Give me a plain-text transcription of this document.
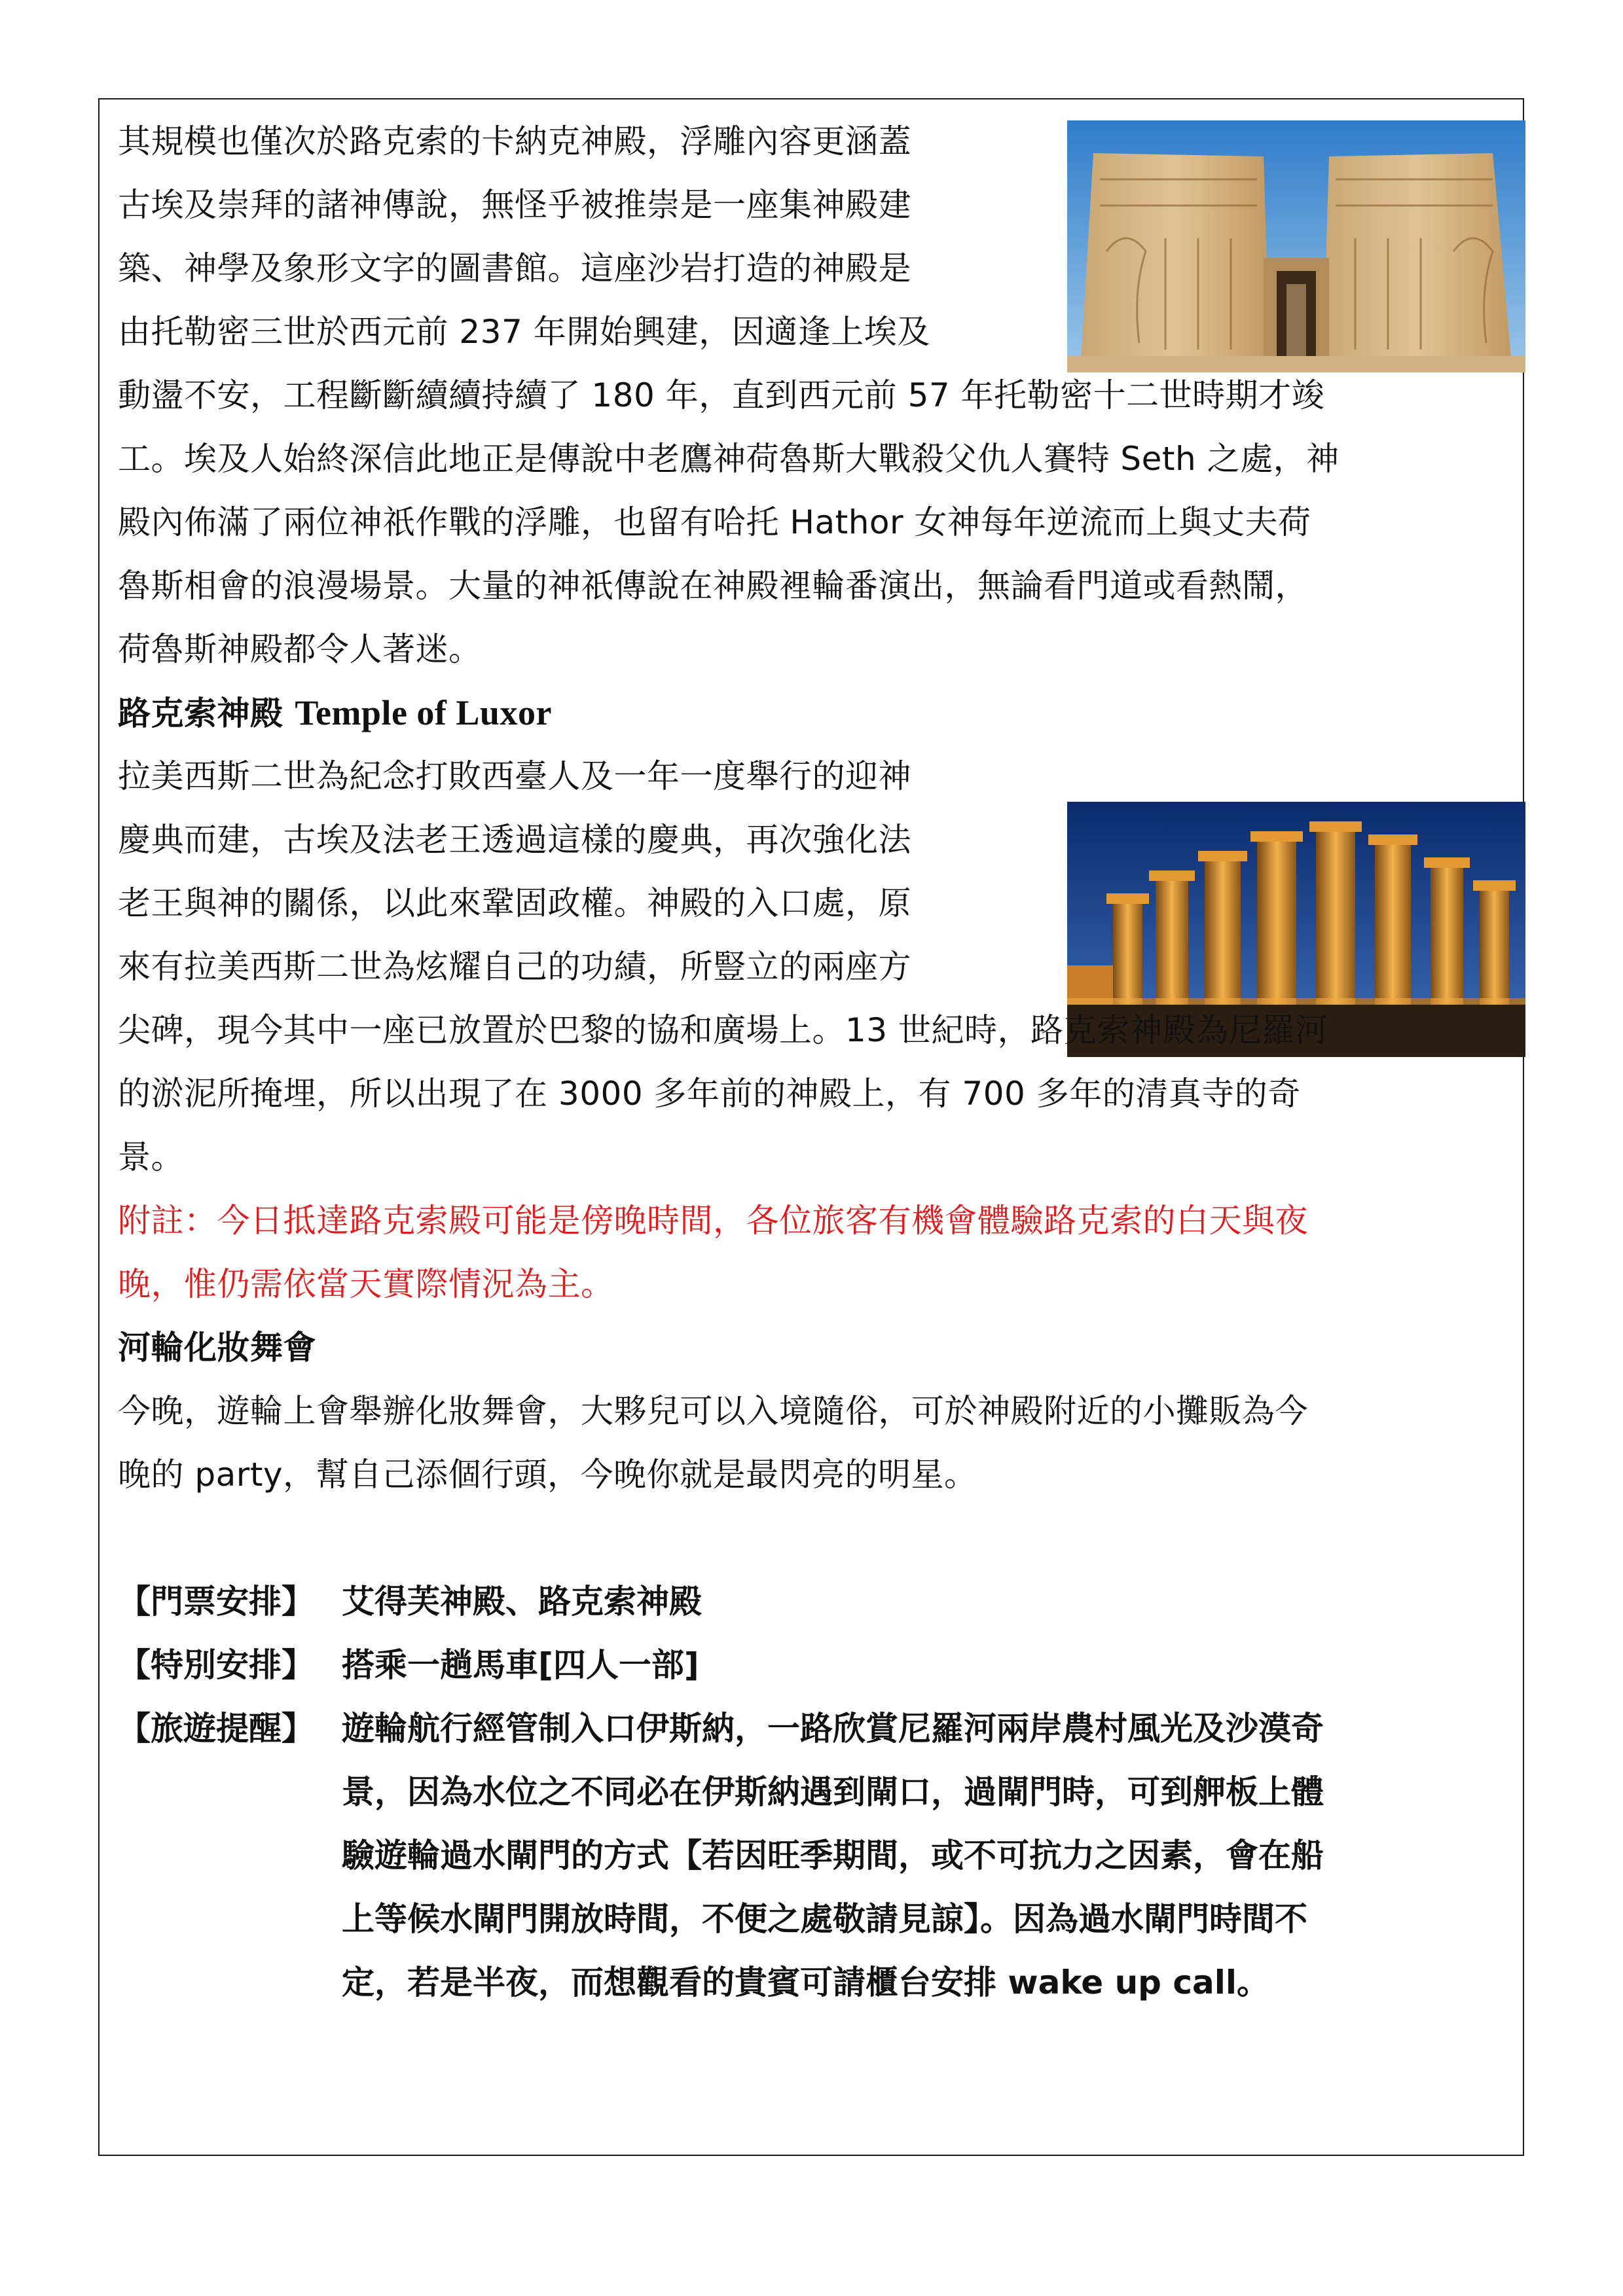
其規模也僅次於路克索的卡納克神殿，浮雕內容更涵蓋
古埃及崇拜的諸神傳說，無怪乎被推崇是一座集神殿建
築、神學及象形文字的圖書館。這座沙岩打造的神殿是
由托勒密三世於西元前 237 年開始興建，因適逢上埃及
動盪不安，工程斷斷續續持續了 180 年，直到西元前 57 年托勒密十二世時期才竣
工。埃及人始終深信此地正是傳說中老鷹神荷魯斯大戰殺父仇人賽特 Seth 之處，神
殿內佈滿了兩位神祇作戰的浮雕，也留有哈托 Hathor 女神每年逆流而上與丈夫荷
魯斯相會的浪漫場景。大量的神祇傳說在神殿裡輪番演出，無論看門道或看熱鬧，
荷魯斯神殿都令人著迷。
路克索神殿 Temple of Luxor
拉美西斯二世為紀念打敗西臺人及一年一度舉行的迎神
慶典而建，古埃及法老王透過這樣的慶典，再次強化法
老王與神的關係，以此來鞏固政權。神殿的入口處，原
來有拉美西斯二世為炫耀自己的功績，所豎立的兩座方
尖碑，現今其中一座已放置於巴黎的協和廣場上。13 世紀時，路克索神殿為尼羅河
的淤泥所掩埋，所以出現了在 3000 多年前的神殿上，有 700 多年的清真寺的奇
景。
附註：今日抵達路克索殿可能是傍晚時間，各位旅客有機會體驗路克索的白天與夜
晚，惟仍需依當天實際情況為主。
河輪化妝舞會
今晚，遊輪上會舉辦化妝舞會，大夥兒可以入境隨俗，可於神殿附近的小攤販為今
晚的 party，幫自己添個行頭，今晚你就是最閃亮的明星。
【門票安排】 艾得芙神殿、路克索神殿
【特別安排】 搭乘一趟馬車[四人一部]
【旅遊提醒】 遊輪航行經管制入口伊斯納，一路欣賞尼羅河兩岸農村風光及沙漠奇
景，因為水位之不同必在伊斯納遇到閘口，過閘門時，可到舺板上體
驗遊輪過水閘門的方式【若因旺季期間，或不可抗力之因素，會在船
上等候水閘門開放時間，不便之處敬請見諒】。因為過水閘門時間不
定，若是半夜，而想觀看的貴賓可請櫃台安排 wake up call。
